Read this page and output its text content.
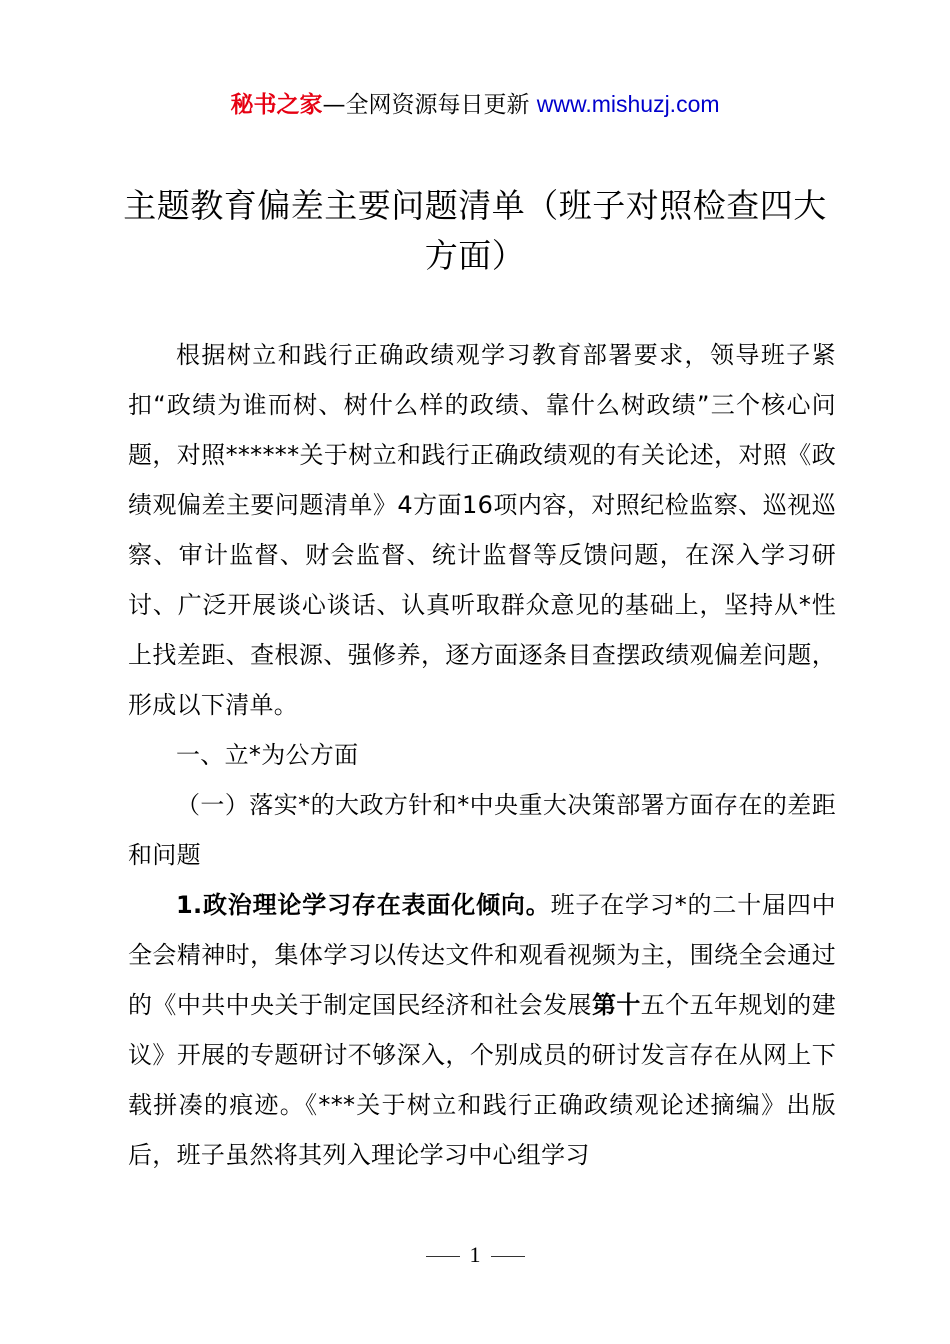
秘书之家—全网资源每日更新 www.mishuzj.com
主题教育偏差主要问题清单（班子对照检查四大方面）

根据树立和践行正确政绩观学习教育部署要求，领导班子紧扣“政绩为谁而树、树什么样的政绩、靠什么树政绩”三个核心问题，对照******关于树立和践行正确政绩观的有关论述，对照《政绩观偏差主要问题清单》4方面16项内容，对照纪检监察、巡视巡察、审计监督、财会监督、统计监督等反馈问题，在深入学习研讨、广泛开展谈心谈话、认真听取群众意见的基础上，坚持从*性上找差距、查根源、强修养，逐方面逐条目查摆政绩观偏差问题，形成以下清单。

一、立*为公方面

（一）落实*的大政方针和*中央重大决策部署方面存在的差距和问题

1.政治理论学习存在表面化倾向。班子在学习*的二十届四中全会精神时，集体学习以传达文件和观看视频为主，围绕全会通过的《中共中央关于制定国民经济和社会发展第十五个五年规划的建议》开展的专题研讨不够深入，个别成员的研讨发言存在从网上下载拼凑的痕迹。《***关于树立和践行正确政绩观论述摘编》出版后，班子虽然将其列入理论学习中心组学习

1
